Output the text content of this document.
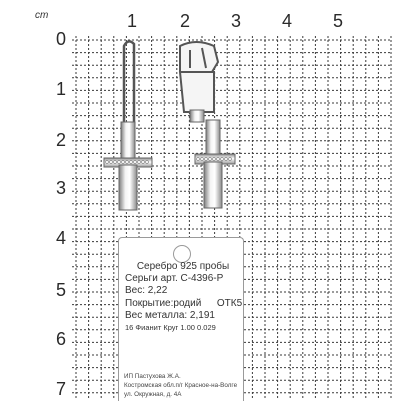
cm	1 2 3 4 5
0
1
2
3
4
5
6
7
Серебро 925 пробы
Серьги арт. С-4396-Р
Вес: 2,22
Покрытие:родий ОТК5
Вес металла: 2,191
16 Фианит Круг 1.00 0.029
ИП Пастухова Ж.А.
Костромская обл.п/г Красное-на-Волге
ул. Окружная, д. 4А
